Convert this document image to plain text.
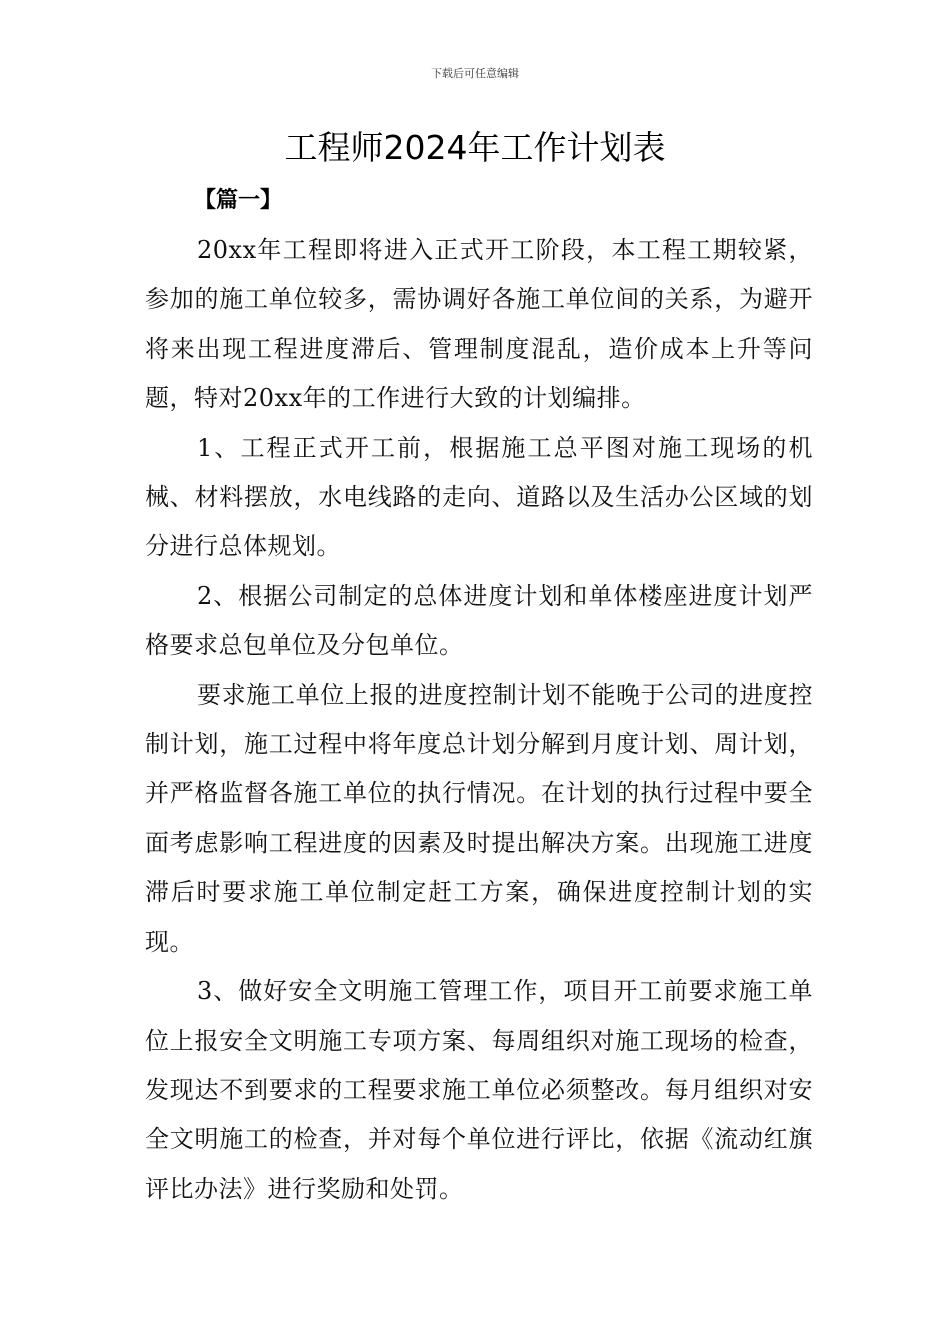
下载后可任意编辑
工程师2024年工作计划表
【篇一】

20xx年工程即将进入正式开工阶段，本工程工期较紧，参加的施工单位较多，需协调好各施工单位间的关系，为避开将来出现工程进度滞后、管理制度混乱，造价成本上升等问题，特对20xx年的工作进行大致的计划编排。

1、工程正式开工前，根据施工总平图对施工现场的机械、材料摆放，水电线路的走向、道路以及生活办公区域的划分进行总体规划。

2、根据公司制定的总体进度计划和单体楼座进度计划严格要求总包单位及分包单位。

要求施工单位上报的进度控制计划不能晚于公司的进度控制计划，施工过程中将年度总计划分解到月度计划、周计划，并严格监督各施工单位的执行情况。在计划的执行过程中要全面考虑影响工程进度的因素及时提出解决方案。出现施工进度滞后时要求施工单位制定赶工方案，确保进度控制计划的实现。

3、做好安全文明施工管理工作，项目开工前要求施工单位上报安全文明施工专项方案、每周组织对施工现场的检查，发现达不到要求的工程要求施工单位必须整改。每月组织对安全文明施工的检查，并对每个单位进行评比，依据《流动红旗评比办法》进行奖励和处罚。
